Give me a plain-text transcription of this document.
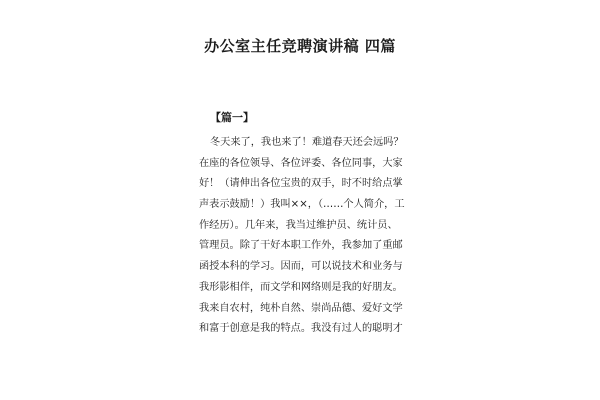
办公室主任竞聘演讲稿 四篇
【篇一】
冬天来了，我也来了！难道春天还会远吗？
在座的各位领导、各位评委、各位同事，大家
好！（请伸出各位宝贵的双手，时不时给点掌
声表示鼓励！）我叫××，（……个人简介，工
作经历）。几年来，我当过维护员、统计员、
管理员。除了干好本职工作外，我参加了重邮
函授本科的学习。因而，可以说技术和业务与
我形影相伴，而文学和网络则是我的好朋友。
我来自农村，纯朴自然、崇尚品德、爱好文学
和富于创意是我的特点。我没有过人的聪明才
